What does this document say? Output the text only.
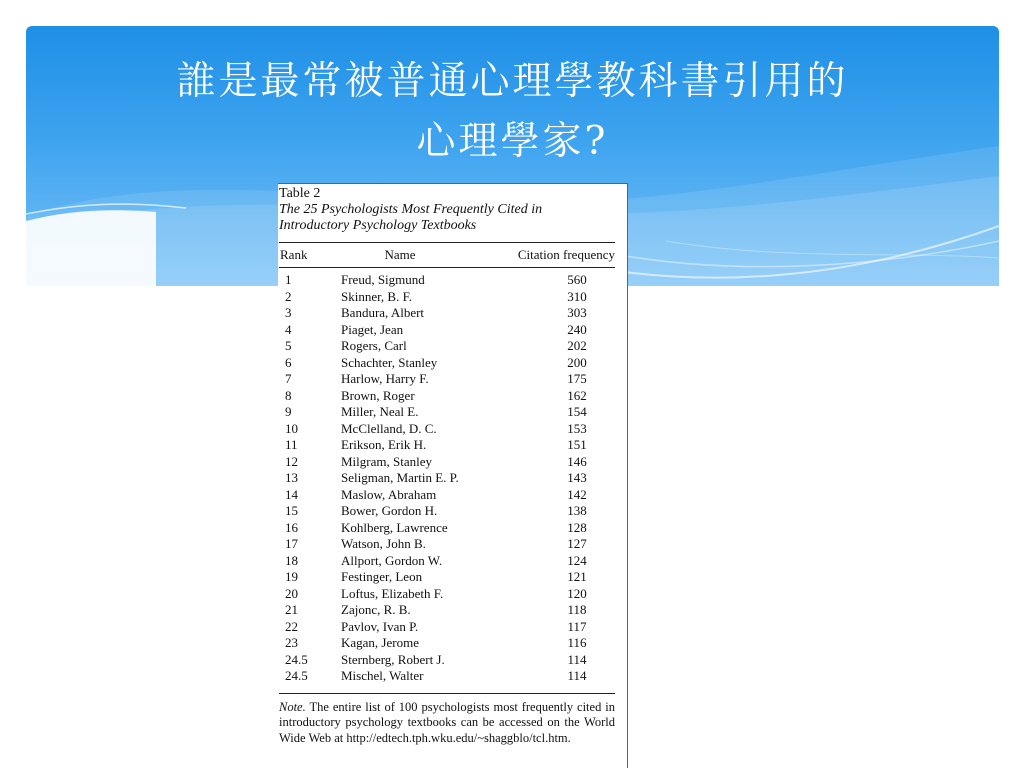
誰是最常被普通心理學教科書引用的
心理學家?
Table 2
The 25 Psychologists Most Frequently Cited in Introductory Psychology Textbooks
Rank	Name	Citation frequency
1	Freud, Sigmund	560
2	Skinner, B. F.	310
3	Bandura, Albert	303
4	Piaget, Jean	240
5	Rogers, Carl	202
6	Schachter, Stanley	200
7	Harlow, Harry F.	175
8	Brown, Roger	162
9	Miller, Neal E.	154
10	McClelland, D. C.	153
11	Erikson, Erik H.	151
12	Milgram, Stanley	146
13	Seligman, Martin E. P.	143
14	Maslow, Abraham	142
15	Bower, Gordon H.	138
16	Kohlberg, Lawrence	128
17	Watson, John B.	127
18	Allport, Gordon W.	124
19	Festinger, Leon	121
20	Loftus, Elizabeth F.	120
21	Zajonc, R. B.	118
22	Pavlov, Ivan P.	117
23	Kagan, Jerome	116
24.5	Sternberg, Robert J.	114
24.5	Mischel, Walter	114
Note. The entire list of 100 psychologists most frequently cited in introductory psychology textbooks can be accessed on the World Wide Web at http://edtech.tph.wku.edu/~shaggblo/tcl.htm.
